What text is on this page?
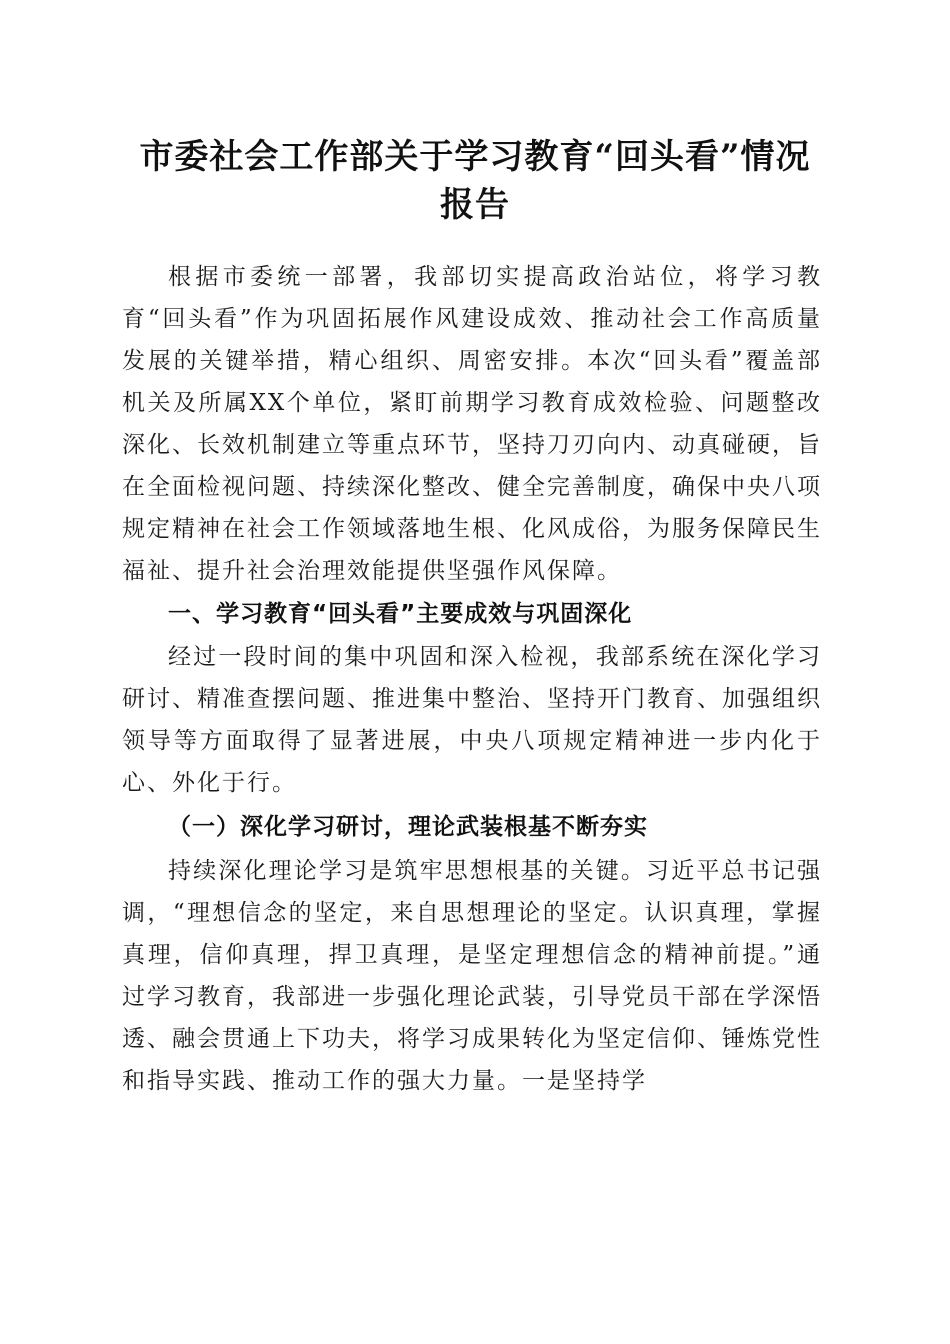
市委社会工作部关于学习教育“回头看”情况
报告

根据市委统一部署，我部切实提高政治站位，将学习教育“回头看”作为巩固拓展作风建设成效、推动社会工作高质量发展的关键举措，精心组织、周密安排。本次“回头看”覆盖部机关及所属XX个单位，紧盯前期学习教育成效检验、问题整改深化、长效机制建立等重点环节，坚持刀刃向内、动真碰硬，旨在全面检视问题、持续深化整改、健全完善制度，确保中央八项规定精神在社会工作领域落地生根、化风成俗，为服务保障民生福祉、提升社会治理效能提供坚强作风保障。

一、学习教育“回头看”主要成效与巩固深化

经过一段时间的集中巩固和深入检视，我部系统在深化学习研讨、精准查摆问题、推进集中整治、坚持开门教育、加强组织领导等方面取得了显著进展，中央八项规定精神进一步内化于心、外化于行。

（一）深化学习研讨，理论武装根基不断夯实

持续深化理论学习是筑牢思想根基的关键。习近平总书记强调，“理想信念的坚定，来自思想理论的坚定。认识真理，掌握真理，信仰真理，捍卫真理，是坚定理想信念的精神前提。”通过学习教育，我部进一步强化理论武装，引导党员干部在学深悟透、融会贯通上下功夫，将学习成果转化为坚定信仰、锤炼党性和指导实践、推动工作的强大力量。一是坚持学
